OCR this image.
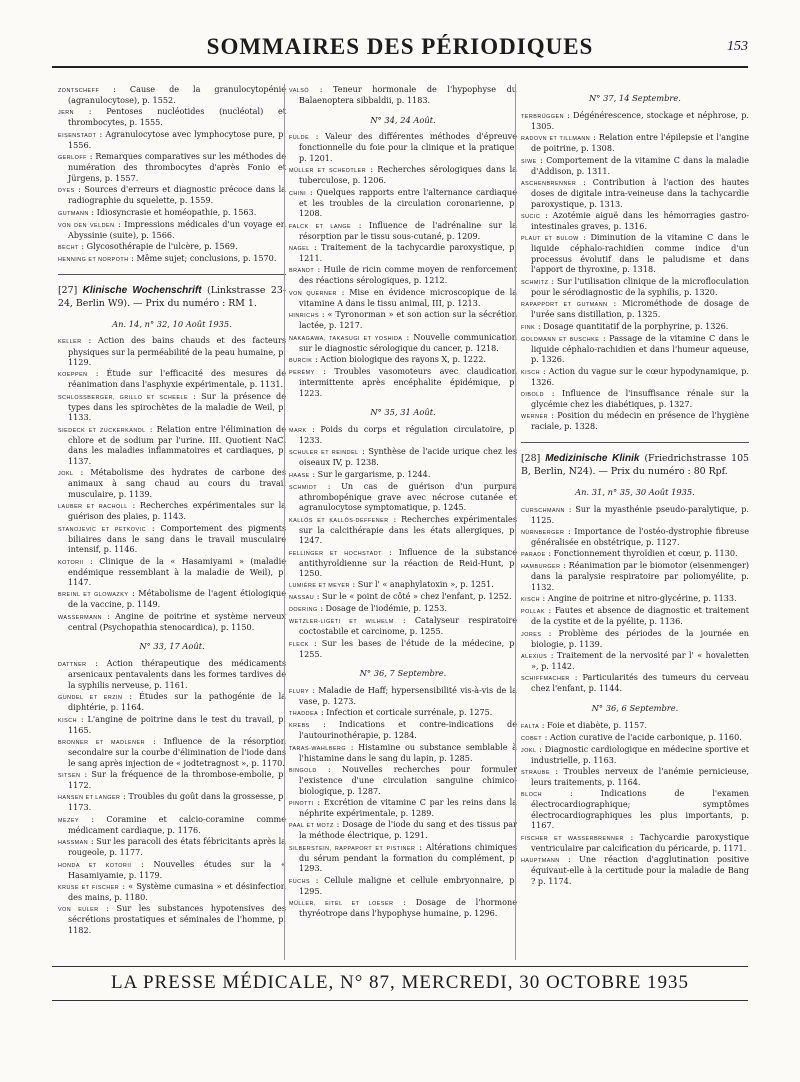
SOMMAIRES DES PÉRIODIQUES	153

ZONTSCHEFF : Cause de la granulocytopénie (agranulocytose), p. 1552.

JERN : Pentoses nucléotides (nucléotal) et thrombocytes, p. 1555.

EISENSTADT : Agranulocytose avec lymphocytose pure, p. 1556.

GERLOFF : Remarques comparatives sur les méthodes de numération des thrombocytes d'après Fonio et Jürgens, p. 1557.

DYES : Sources d'erreurs et diagnostic précoce dans la radiographie du squelette, p. 1559.

GUTMANN : Idiosyncrasie et homéopathie, p. 1563.

VON DEN VELDEN : Impressions médicales d'un voyage en Abyssinie (suite), p. 1566.

BECHT : Glycosothérapie de l'ulcère, p. 1569.

HENNING ET NORPOTH : Même sujet; conclusions, p. 1570.

[27] Klinische Wochenschrift (Linkstrasse 23-24, Berlin W9). — Prix du numéro : RM 1.
An. 14, n° 32, 10 Août 1935.

KELLER : Action des bains chauds et des facteurs physiques sur la perméabilité de la peau humaine, p. 1129.

KOEPPEN : Étude sur l'efficacité des mesures de réanimation dans l'asphyxie expérimentale, p. 1131.

SCHLOSSBERGER, GRILLO ET SCHEELE : Sur la présence de types dans les spirochètes de la maladie de Weil, p. 1133.

SIEDECK ET ZUCKERKANDL : Relation entre l'élimination de chlore et de sodium par l'urine. III. Quotient NaCl dans les maladies inflammatoires et cardiaques, p. 1137.

JOKL : Métabolisme des hydrates de carbone des animaux à sang chaud au cours du travail musculaire, p. 1139.

LAUBER ET RACHOLL : Recherches expérimentales sur la guérison des plaies, p. 1143.

STANOJEVIC ET PETKOVIC : Comportement des pigments biliaires dans le sang dans le travail musculaire intensif, p. 1146.

KOTORII : Clinique de la « Hasamiyami » (maladie endémique ressemblant à la maladie de Weil), p. 1147.

BREINL ET GLOWAZKY : Métabolisme de l'agent étiologique de la vaccine, p. 1149.

WASSERMANN : Angine de poitrine et système nerveux central (Psychopathia stenocardica), p. 1150.

N° 33, 17 Août.

DATTNER : Action thérapeutique des médicaments arsenicaux pentavalents dans les formes tardives de la syphilis nerveuse, p. 1161.

GUNDEL ET ERZIN : Études sur la pathogénie de la diphtérie, p. 1164.

KISCH : L'angine de poitrine dans le test du travail, p. 1165.

BRONNER ET MADLENER : Influence de la résorption secondaire sur la courbe d'élimination de l'iode dans le sang après injection de « jodtetragnost », p. 1170.

SITSEN : Sur la fréquence de la thrombose-embolie, p. 1172.

HANSEN ET LANGER : Troubles du goût dans la grossesse, p. 1173.

MEZEY : Coramine et calcio-coramine comme médicament cardiaque, p. 1176.

HASSMAN : Sur les paracoli des états fébricitants après la rougeole, p. 1177.

HONDA ET KOTORII : Nouvelles études sur la « Hasamiyamie, p. 1179.

KRUSE ET FISCHER : « Système cumasina » et désinfection des mains, p. 1180.

VON EULER : Sur les substances hypotensives des sécrétions prostatiques et séminales de l'homme, p. 1182.

VALSÖ : Teneur hormonale de l'hypophyse du Balaenoptera sibbaldii, p. 1183.

N° 34, 24 Août.

FULDE : Valeur des différentes méthodes d'épreuve fonctionnelle du foie pour la clinique et la pratique, p. 1201.

MÜLLER ET SCHEDTLER : Recherches sérologiques dans la tuberculose, p. 1206.

CHINI : Quelques rapports entre l'alternance cardiaque et les troubles de la circulation coronarienne, p. 1208.

FALCK ET LANGE : Influence de l'adrénaline sur la résorption par le tissu sous-cutané, p. 1209.

NAGEL : Traitement de la tachycardie paroxystique, p. 1211.

BRANDT : Huile de ricin comme moyen de renforcement des réactions sérologiques, p. 1212.

VON QUERNER : Mise en évidence microscopique de la vitamine A dans le tissu animal, III, p. 1213.

HINRICHS : « Tyronorman » et son action sur la sécrétion lactée, p. 1217.

NAKAGAWA, TAKASUGI ET YOSHIDA : Nouvelle communication sur le diagnostic sérologique du cancer, p. 1218.

BURCIK : Action biologique des rayons X, p. 1222.

PERÉMY : Troubles vasomoteurs avec claudication intermittente après encéphalite épidémique, p. 1223.

N° 35, 31 Août.

MARK : Poids du corps et régulation circulatoire, p. 1233.

SCHULER ET REINDEL : Synthèse de l'acide urique chez les oiseaux IV, p. 1238.

HAASE : Sur le gargarisme, p. 1244.

SCHMIDT : Un cas de guérison d'un purpura athrombopénique grave avec nécrose cutanée et agranulocytose symptomatique, p. 1245.

KALLÓS ET KALLÓS-DEFFENER : Recherches expérimentales sur la calcithérapie dans les états allergiques, p. 1247.

FELLINGER ET HOCHSTADT : Influence de la substance antithyroïdienne sur la réaction de Reid-Hunt, p. 1250.

LUMIÈRE ET MEYER : Sur l' « anaphylatoxin », p. 1251.

NASSAU : Sur le « point de côté » chez l'enfant, p. 1252.

DOERING : Dosage de l'iodémie, p. 1253.

WETZLER-LIGETI ET WILHELM : Catalyseur respiratoire coctostabile et carcinome, p. 1255.

FLECK : Sur les bases de l'étude de la médecine, p. 1255.

N° 36, 7 Septembre.

FLURY : Maladie de Haff; hypersensibilité vis-à-vis de la vase, p. 1273.

THADDEA : Infection et corticale surrénale, p. 1275.

KREBS : Indications et contre-indications de l'autourinothérapie, p. 1284.

TARAS-WAHLBERG : Histamine ou substance semblable à l'histamine dans le sang du lapin, p. 1285.

BINGOLD : Nouvelles recherches pour formuler l'existence d'une circulation sanguine chimico-biologique, p. 1287.

PINOTTI : Excrétion de vitamine C par les reins dans la néphrite expérimentale, p. 1289.

PAAL ET MOTZ : Dosage de l'iode du sang et des tissus par la méthode électrique, p. 1291.

SILBERSTEIN, RAPPAPORT ET PISTINER : Altérations chimiques du sérum pendant la formation du complément, p. 1293.

FUCHS : Cellule maligne et cellule embryonnaire, p. 1295.

MÜLLER, EITEL ET LOESER : Dosage de l'hormone thyréotrope dans l'hypophyse humaine, p. 1296.

N° 37, 14 Septembre.

TERBRÜGGEN : Dégénérescence, stockage et néphrose, p. 1305.

RADOVN ET TILLMANN : Relation entre l'épilepsie et l'angine de poitrine, p. 1308.

SIWE : Comportement de la vitamine C dans la maladie d'Addison, p. 1311.

ASCHENBRENNER : Contribution à l'action des hautes doses de digitale intra-veineuse dans la tachycardie paroxystique, p. 1313.

SUCIC : Azotémie aiguë dans les hémorragies gastro-intestinales graves, p. 1316.

PLAUT ET BULOW : Diminution de la vitamine C dans le liquide céphalo-rachidien comme indice d'un processus évolutif dans le paludisme et dans l'apport de thyroxine, p. 1318.

SCHMITZ : Sur l'utilisation clinique de la microfloculation pour le sérodiagnostic de la syphilis, p. 1320.

RAPAPPORT ET GUTMANN : Microméthode de dosage de l'urée sans distillation, p. 1325.

FINK : Dosage quantitatif de la porphyrine, p. 1326.

GOLDMANN ET BUSCHKE : Passage de la vitamine C dans le liquide céphalo-rachidien et dans l'humeur aqueuse, p. 1326.

KISCH : Action du vague sur le cœur hypodynamique, p. 1326.

DIBOLD : Influence de l'insuffisance rénale sur la glycémie chez les diabétiques, p. 1327.

WERNER : Position du médecin en présence de l'hygiène raciale, p. 1328.

[28] Medizinische Klinik (Friedrichstrasse 105 B, Berlin, N24). — Prix du numéro : 80 Rpf.
An. 31, n° 35, 30 Août 1935.

CURSCHMANN : Sur la myasthénie pseudo-paralytique, p. 1125.

NÜRNBERGER : Importance de l'ostéo-dystrophie fibreuse généralisée en obstétrique, p. 1127.

PARADE : Fonctionnement thyroïdien et cœur, p. 1130.

HAMBURGER : Réanimation par le biomotor (eisenmenger) dans la paralysie respiratoire par poliomyélite, p. 1132.

KISCH : Angine de poitrine et nitro-glycérine, p. 1133.

POLLAK : Fautes et absence de diagnostic et traitement de la cystite et de la pyélite, p. 1136.

JORES : Problème des périodes de la journée en biologie, p. 1139.

ALEXIUS : Traitement de la nervosité par l' « hovaletten », p. 1142.

SCHIFFMACHER : Particularités des tumeurs du cerveau chez l'enfant, p. 1144.

N° 36, 6 Septembre.

FALTA : Foie et diabète, p. 1157.

COBET : Action curative de l'acide carbonique, p. 1160.

JOKL : Diagnostic cardiologique en médecine sportive et industrielle, p. 1163.

STRAUBE : Troubles nerveux de l'anémie pernicieuse, leurs traitements, p. 1164.

BLOCH : Indications de l'examen électrocardiographique; symptômes électrocardiographiques les plus importants, p. 1167.

FISCHER ET WASSERBRENNER : Tachycardie paroxystique ventriculaire par calcification du péricarde, p. 1171.

HAUPTMANN : Une réaction d'agglutination positive équivaut-elle à la certitude pour la maladie de Bang ? p. 1174.

LA PRESSE MÉDICALE, N° 87, MERCREDI, 30 OCTOBRE 1935
